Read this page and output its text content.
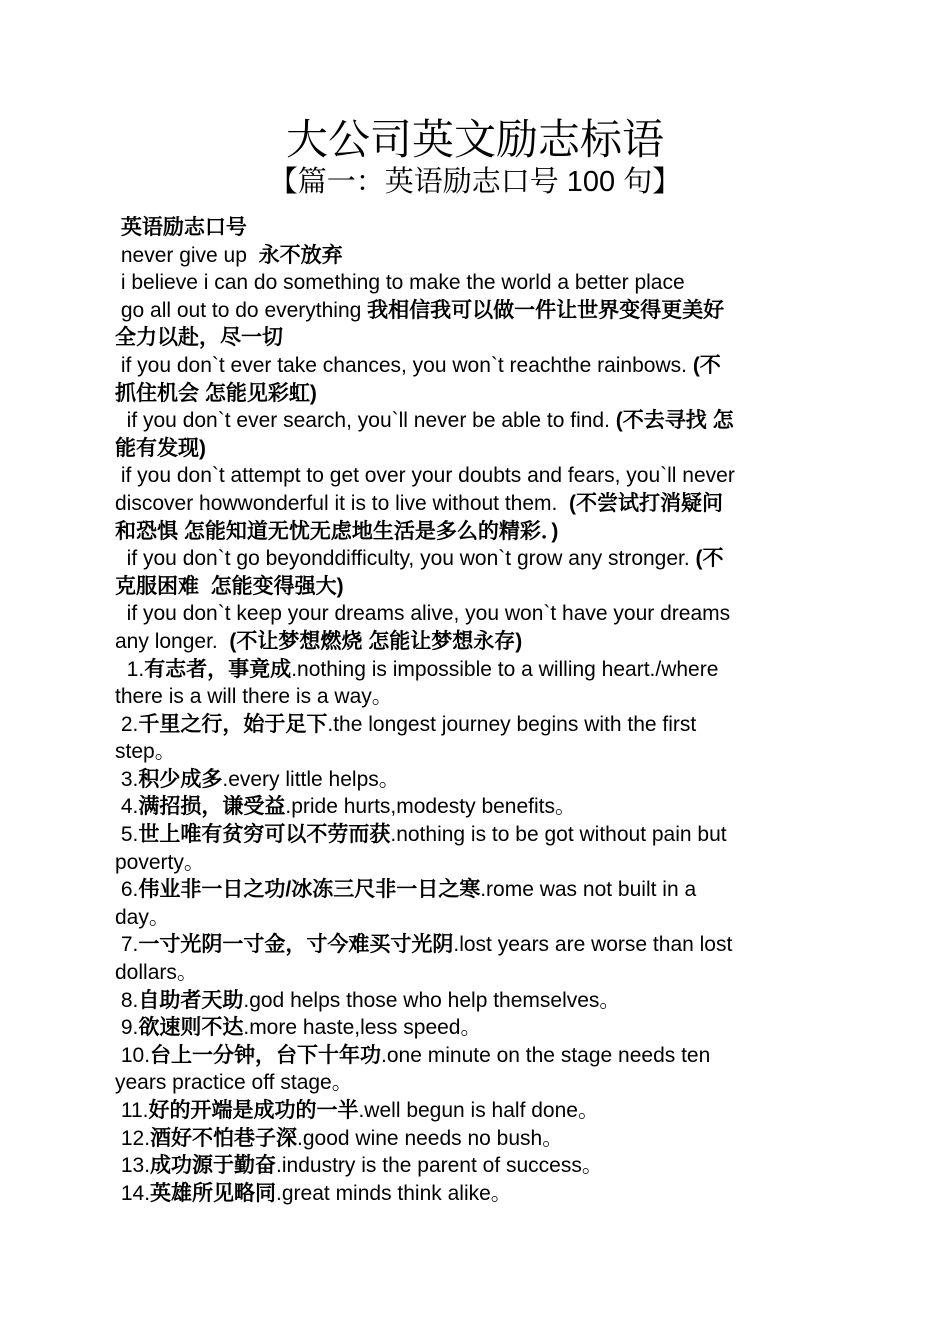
大公司英文励志标语
【篇一：英语励志口号 100 句】
英语励志口号
never give up  永不放弃
i believe i can do something to make the world a better place
go all out to do everything 我相信我可以做一件让世界变得更美好
全力以赴，尽一切
if you don`t ever take chances, you won`t reachthe rainbows. (不
抓住机会 怎能见彩虹)
if you don`t ever search, you`ll never be able to find. (不去寻找 怎
能有发现)
if you don`t attempt to get over your doubts and fears, you`ll never
discover howwonderful it is to live without them.  (不尝试打消疑问
和恐惧 怎能知道无忧无虑地生活是多么的精彩．)
if you don`t go beyonddifficulty, you won`t grow any stronger. (不
克服困难  怎能变得强大)
if you don`t keep your dreams alive, you won`t have your dreams
any longer.  (不让梦想燃烧 怎能让梦想永存)
1.有志者，事竟成.nothing is impossible to a willing heart./where
there is a will there is a way。
2.千里之行，始于足下.the longest journey begins with the first
step。
3.积少成多.every little helps。
4.满招损，谦受益.pride hurts,modesty benefits。
5.世上唯有贫穷可以不劳而获.nothing is to be got without pain but
poverty。
6.伟业非一日之功/冰冻三尺非一日之寒.rome was not built in a
day。
7.一寸光阴一寸金，寸今难买寸光阴.lost years are worse than lost
dollars。
8.自助者天助.god helps those who help themselves。
9.欲速则不达.more haste,less speed。
10.台上一分钟，台下十年功.one minute on the stage needs ten
years practice off stage。
11.好的开端是成功的一半.well begun is half done。
12.酒好不怕巷子深.good wine needs no bush。
13.成功源于勤奋.industry is the parent of success。
14.英雄所见略同.great minds think alike。
